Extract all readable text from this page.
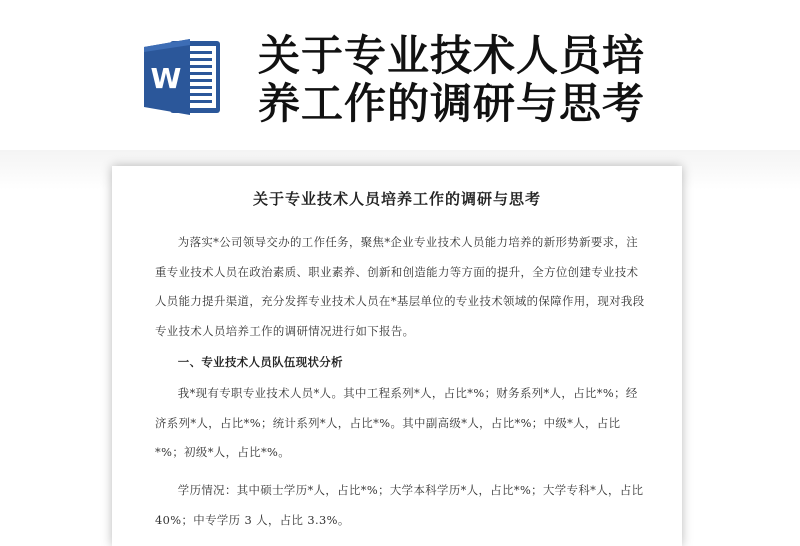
W 关于专业技术人员培养工作的调研与思考
关于专业技术人员培养工作的调研与思考

为落实*公司领导交办的工作任务，聚焦*企业专业技术人员能力培养的新形势新要求，注重专业技术人员在政治素质、职业素养、创新和创造能力等方面的提升，全方位创建专业技术人员能力提升渠道，充分发挥专业技术人员在*基层单位的专业技术领域的保障作用，现对我段专业技术人员培养工作的调研情况进行如下报告。

一、专业技术人员队伍现状分析

我*现有专职专业技术人员*人。其中工程系列*人，占比*%；财务系列*人，占比*%；经济系列*人，占比*%；统计系列*人，占比*%。其中副高级*人，占比*%；中级*人，占比*%；初级*人，占比*%。

学历情况：其中硕士学历*人，占比*%；大学本科学历*人，占比*%；大学专科*人，占比40%；中专学历 3 人，占比 3.3%。
